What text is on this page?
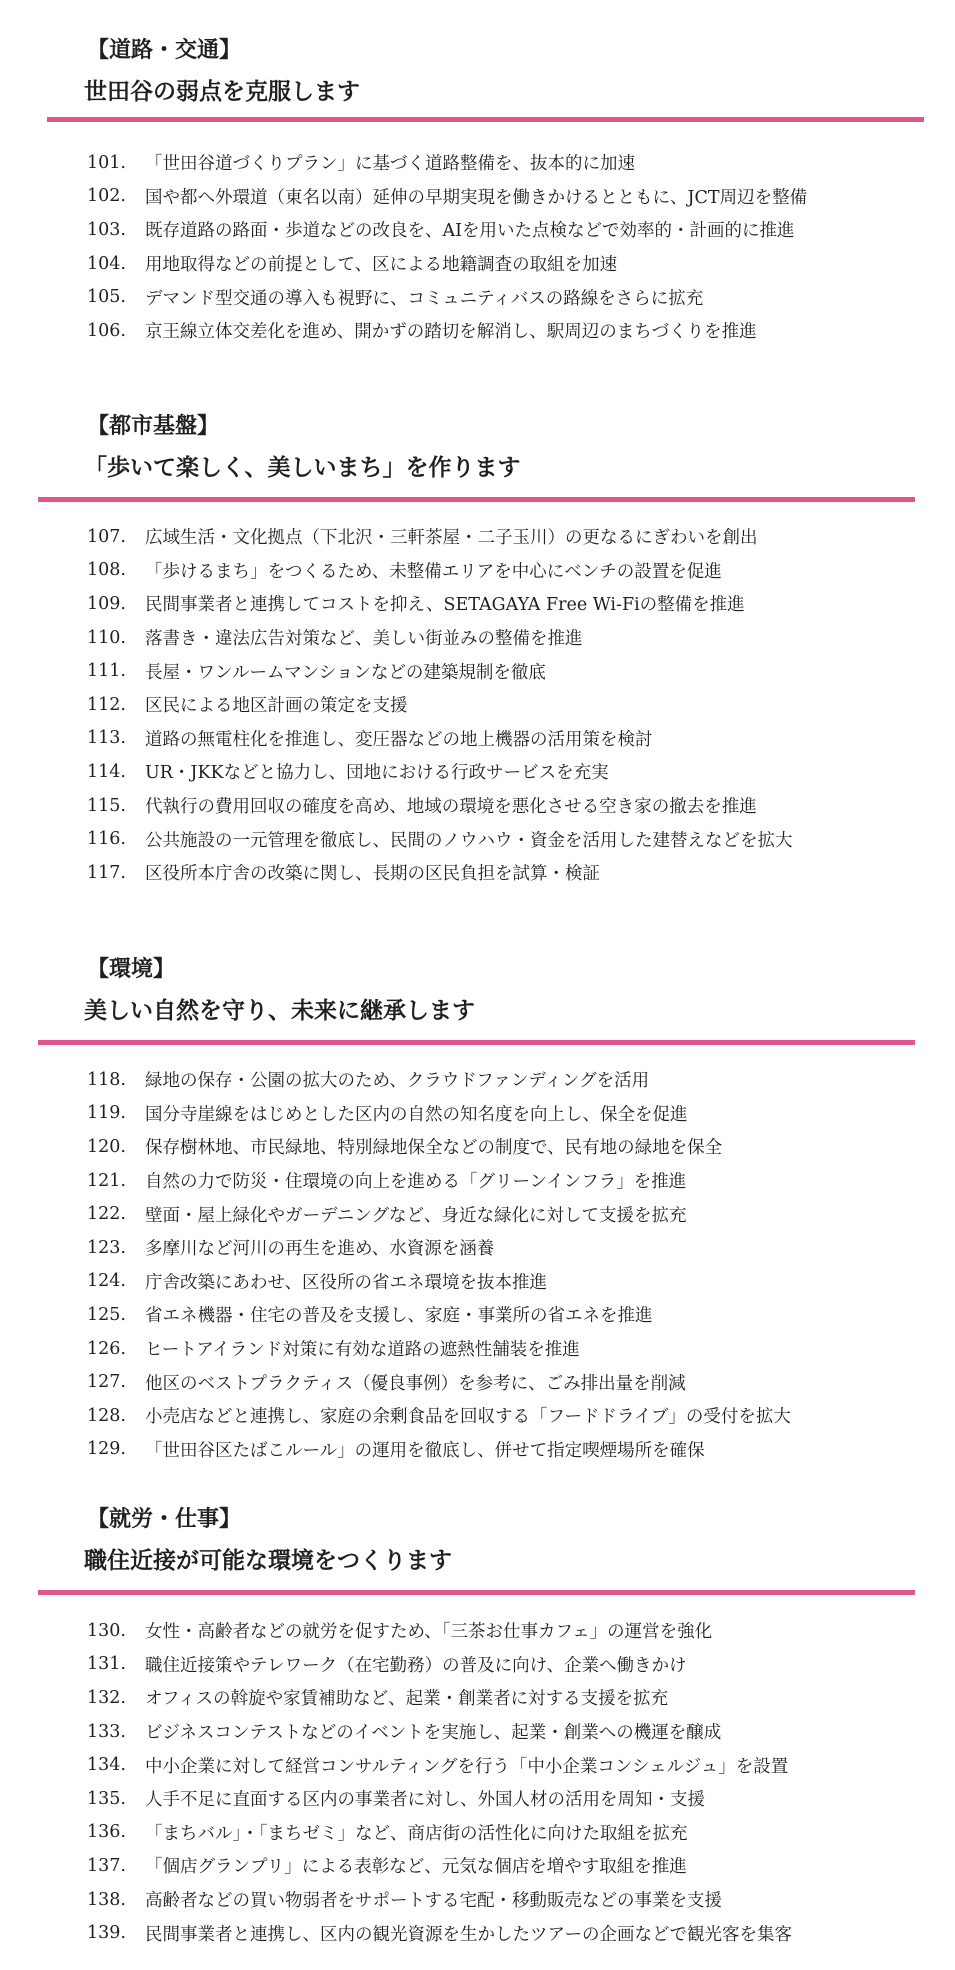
【道路・交通】
世田谷の弱点を克服します
101.	「世田谷道づくりプラン」に基づく道路整備を、抜本的に加速
102.	国や都へ外環道（東名以南）延伸の早期実現を働きかけるとともに、JCT周辺を整備
103.	既存道路の路面・歩道などの改良を、AIを用いた点検などで効率的・計画的に推進
104.	用地取得などの前提として、区による地籍調査の取組を加速
105.	デマンド型交通の導入も視野に、コミュニティバスの路線をさらに拡充
106.	京王線立体交差化を進め、開かずの踏切を解消し、駅周辺のまちづくりを推進
【都市基盤】
「歩いて楽しく、美しいまち」を作ります
107.	広域生活・文化拠点（下北沢・三軒茶屋・二子玉川）の更なるにぎわいを創出
108.	「歩けるまち」をつくるため、未整備エリアを中心にベンチの設置を促進
109.	民間事業者と連携してコストを抑え、SETAGAYA Free Wi-Fiの整備を推進
110.	落書き・違法広告対策など、美しい街並みの整備を推進
111.	長屋・ワンルームマンションなどの建築規制を徹底
112.	区民による地区計画の策定を支援
113.	道路の無電柱化を推進し、変圧器などの地上機器の活用策を検討
114.	UR・JKKなどと協力し、団地における行政サービスを充実
115.	代執行の費用回収の確度を高め、地域の環境を悪化させる空き家の撤去を推進
116.	公共施設の一元管理を徹底し、民間のノウハウ・資金を活用した建替えなどを拡大
117.	区役所本庁舎の改築に関し、長期の区民負担を試算・検証
【環境】
美しい自然を守り、未来に継承します
118.	緑地の保存・公園の拡大のため、クラウドファンディングを活用
119.	国分寺崖線をはじめとした区内の自然の知名度を向上し、保全を促進
120.	保存樹林地、市民緑地、特別緑地保全などの制度で、民有地の緑地を保全
121.	自然の力で防災・住環境の向上を進める「グリーンインフラ」を推進
122.	壁面・屋上緑化やガーデニングなど、身近な緑化に対して支援を拡充
123.	多摩川など河川の再生を進め、水資源を涵養
124.	庁舎改築にあわせ、区役所の省エネ環境を抜本推進
125.	省エネ機器・住宅の普及を支援し、家庭・事業所の省エネを推進
126.	ヒートアイランド対策に有効な道路の遮熱性舗装を推進
127.	他区のベストプラクティス（優良事例）を参考に、ごみ排出量を削減
128.	小売店などと連携し、家庭の余剰食品を回収する「フードドライブ」の受付を拡大
129.	「世田谷区たばこルール」の運用を徹底し、併せて指定喫煙場所を確保
【就労・仕事】
職住近接が可能な環境をつくります
130.	女性・高齢者などの就労を促すため、「三茶お仕事カフェ」の運営を強化
131.	職住近接策やテレワーク（在宅勤務）の普及に向け、企業へ働きかけ
132.	オフィスの斡旋や家賃補助など、起業・創業者に対する支援を拡充
133.	ビジネスコンテストなどのイベントを実施し、起業・創業への機運を醸成
134.	中小企業に対して経営コンサルティングを行う「中小企業コンシェルジュ」を設置
135.	人手不足に直面する区内の事業者に対し、外国人材の活用を周知・支援
136.	「まちバル」・「まちゼミ」など、商店街の活性化に向けた取組を拡充
137.	「個店グランプリ」による表彰など、元気な個店を増やす取組を推進
138.	高齢者などの買い物弱者をサポートする宅配・移動販売などの事業を支援
139.	民間事業者と連携し、区内の観光資源を生かしたツアーの企画などで観光客を集客
